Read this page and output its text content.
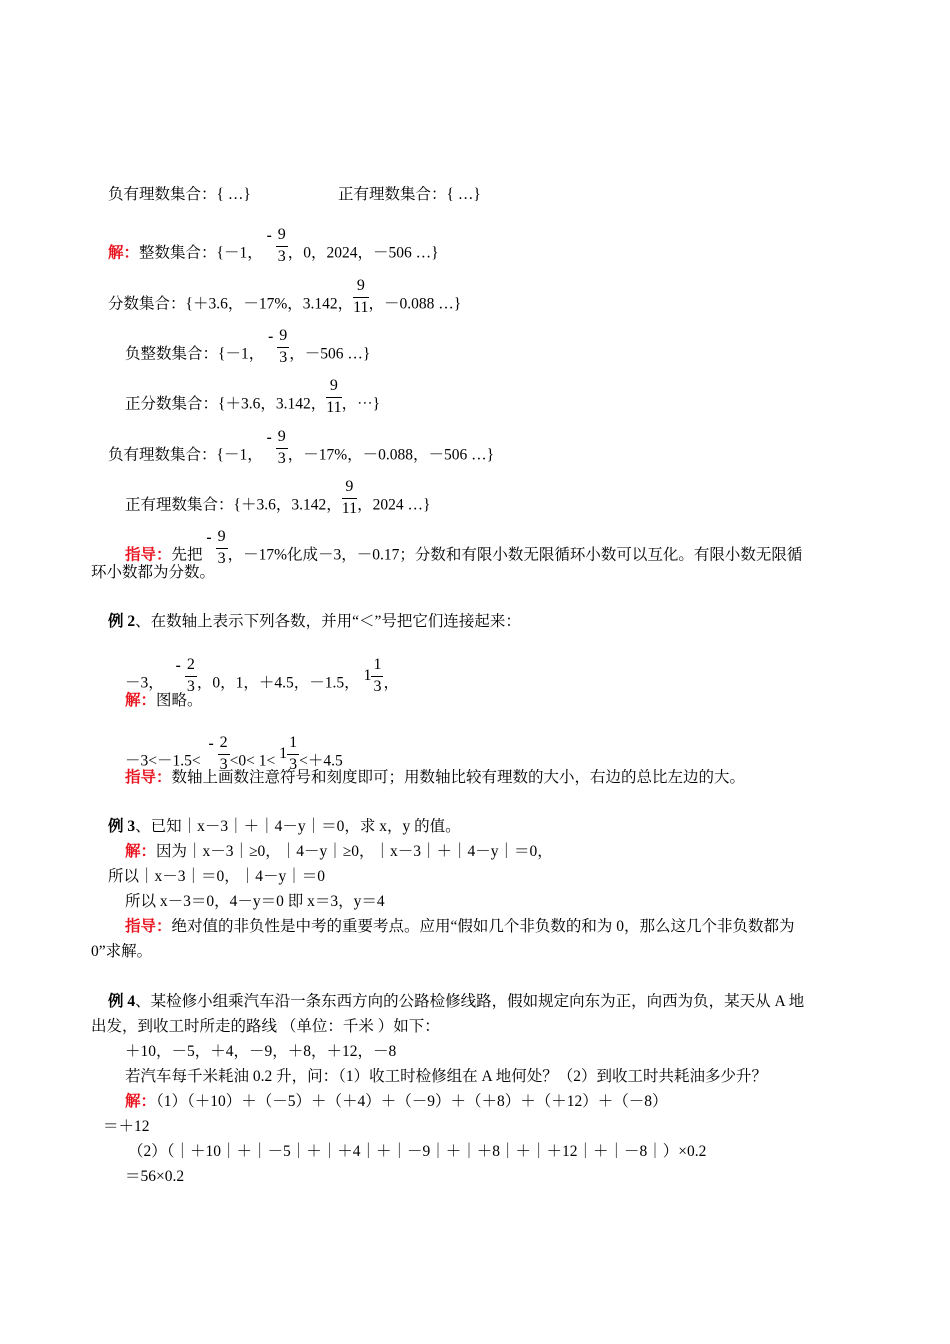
负有理数集合：{ …}	正有理数集合：{ …}
解：整数集合：{－1， - $\frac{9}{3}$ ，0，2024，－506 …}
分数集合：{＋3.6，－17%，3.142， $\frac{9}{11}$ ，－0.088 …}
负整数集合：{－1， - $\frac{9}{3}$ ，－506 …}
正分数集合：{＋3.6，3.142， $\frac{9}{11}$ ，⋯}
负有理数集合：{－1， - $\frac{9}{3}$ ，－17%，－0.088，－506 …}
正有理数集合：{＋3.6，3.142， $\frac{9}{11}$ ，2024 …}
指导：先把 - $\frac{9}{3}$ ，－17%化成－3，－0.17；分数和有限小数无限循环小数可以互化。有限小数无限循
环小数都为分数。
例 2、在数轴上表示下列各数，并用“＜”号把它们连接起来：
－3， - $\frac{2}{3}$ ，0，1，＋4.5，－1.5， $1 \frac{1}{3}$ ，
解：图略。
$-3<-1.5< - \frac{2}{3} <0< 1< 1 \frac{1}{3} <+4.5$
指导：数轴上画数注意符号和刻度即可；用数轴比较有理数的大小，右边的总比左边的大。
例 3、已知｜x－3｜＋｜4－y｜＝0，求 x，y 的值。
解：因为｜x－3｜≥0，｜4－y｜≥0，｜x－3｜＋｜4－y｜＝0，
所以｜x－3｜＝0，｜4－y｜＝0
所以 x－3＝0，4－y＝0 即 x＝3，y＝4
指导：绝对值的非负性是中考的重要考点。应用“假如几个非负数的和为 0，那么这几个非负数都为
0”求解。
例 4、某检修小组乘汽车沿一条东西方向的公路检修线路，假如规定向东为正，向西为负，某天从 A 地
出发，到收工时所走的路线 （单位：千米 ）如下：
＋10，－5，＋4，－9，＋8，＋12，－8
若汽车每千米耗油 0.2 升，问：（1）收工时检修组在 A 地何处？（2）到收工时共耗油多少升？
解：（1）（＋10）＋（－5）＋（＋4）＋（－9）＋（＋8）＋（＋12）＋（－8）
＝＋12
（2）（｜＋10｜＋｜－5｜＋｜＋4｜＋｜－9｜＋｜＋8｜＋｜＋12｜＋｜－8｜）×0.2
＝56×0.2
